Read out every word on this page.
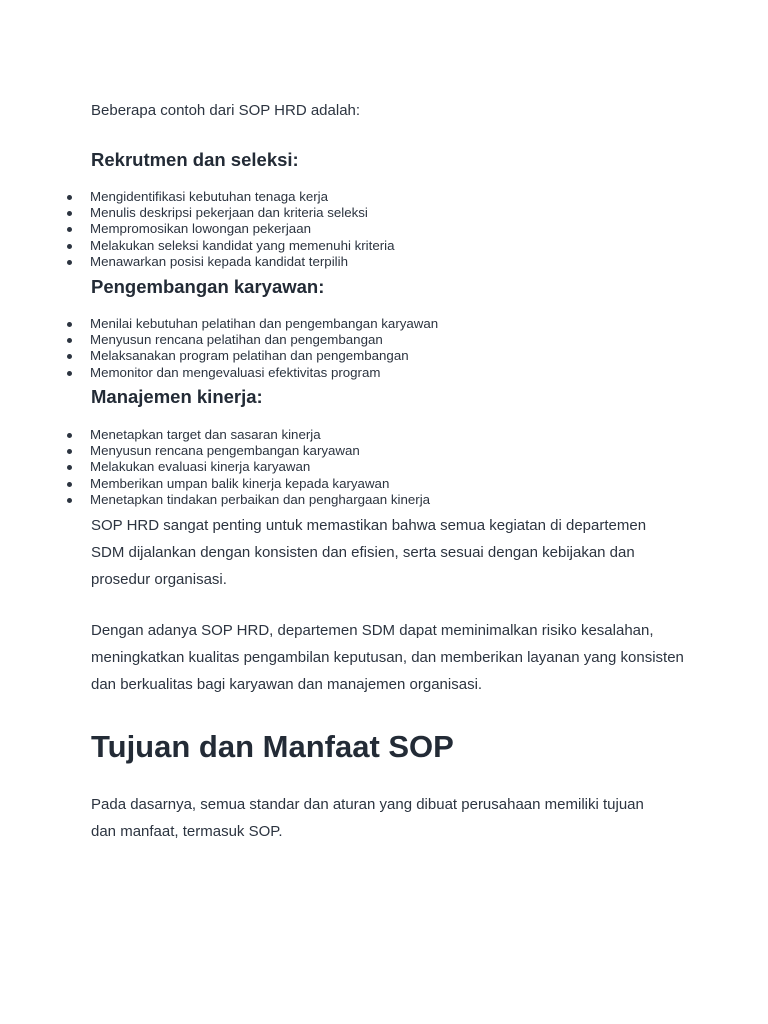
Beberapa contoh dari SOP HRD adalah:

Rekrutmen dan seleksi:
Mengidentifikasi kebutuhan tenaga kerja
Menulis deskripsi pekerjaan dan kriteria seleksi
Mempromosikan lowongan pekerjaan
Melakukan seleksi kandidat yang memenuhi kriteria
Menawarkan posisi kepada kandidat terpilih
Pengembangan karyawan:
Menilai kebutuhan pelatihan dan pengembangan karyawan
Menyusun rencana pelatihan dan pengembangan
Melaksanakan program pelatihan dan pengembangan
Memonitor dan mengevaluasi efektivitas program
Manajemen kinerja:
Menetapkan target dan sasaran kinerja
Menyusun rencana pengembangan karyawan
Melakukan evaluasi kinerja karyawan
Memberikan umpan balik kinerja kepada karyawan
Menetapkan tindakan perbaikan dan penghargaan kinerja

SOP HRD sangat penting untuk memastikan bahwa semua kegiatan di departemen SDM dijalankan dengan konsisten dan efisien, serta sesuai dengan kebijakan dan prosedur organisasi.

Dengan adanya SOP HRD, departemen SDM dapat meminimalkan risiko kesalahan, meningkatkan kualitas pengambilan keputusan, dan memberikan layanan yang konsisten dan berkualitas bagi karyawan dan manajemen organisasi.

Tujuan dan Manfaat SOP

Pada dasarnya, semua standar dan aturan yang dibuat perusahaan memiliki tujuan dan manfaat, termasuk SOP.
